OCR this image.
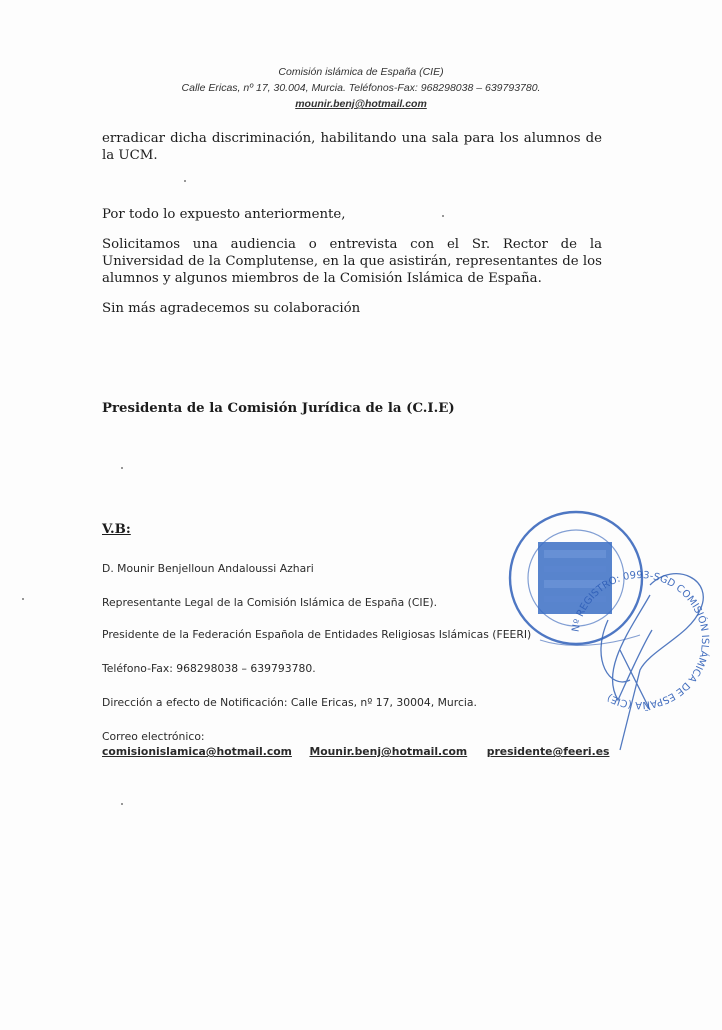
Comisión islámica de España (CIE)
Calle Ericas, nº 17, 30.004, Murcia. Teléfonos-Fax: 968298038 – 639793780.
mounir.benj@hotmail.com
erradicar dicha discriminación, habilitando una sala para los alumnos de la UCM.
Por todo lo expuesto anteriormente,
Solicitamos una audiencia o entrevista con el Sr. Rector de la Universidad de la Complutense, en la que asistirán, representantes de los alumnos y algunos miembros de la Comisión Islámica de España.
Sin más agradecemos su colaboración
Presidenta de la Comisión Jurídica de la (C.I.E)
V.B:
D. Mounir Benjelloun Andaloussi Azhari
Representante Legal de la Comisión Islámica de España (CIE).
Presidente de la Federación Española de Entidades Religiosas Islámicas (FEERI)
Teléfono-Fax: 968298038 – 639793780.
Dirección a efecto de Notificación: Calle Ericas, nº 17, 30004, Murcia.
Correo electrónico:
comisionislamica@hotmail.com Mounir.benj@hotmail.com presidente@feeri.es
Nº REGISTRO: 0993-SGD COMISIÓN ISLÁMICA DE ESPAÑA (CIE)
